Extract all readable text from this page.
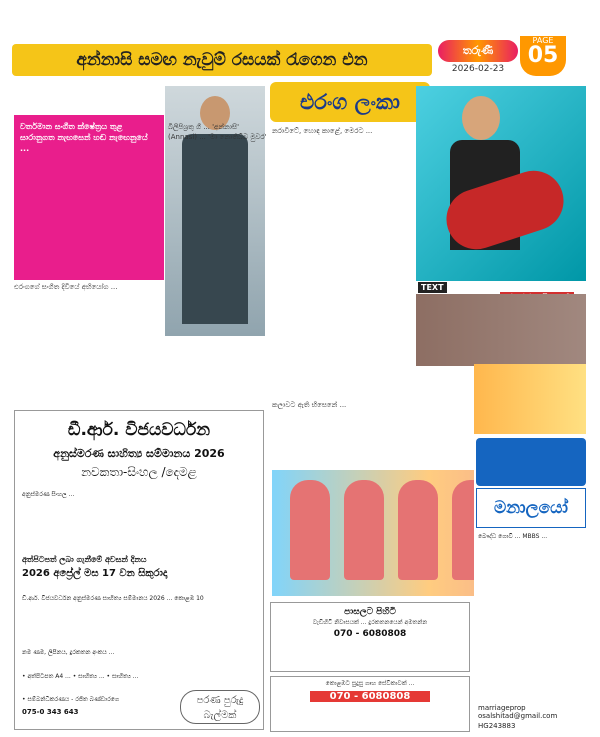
අන්නාසි සමඟ නැවුම් රසයක් රැගෙන එන	තරුණී
2026-02-23
PAGE
05
එරංග ලංකා
වර්තමාන සංගීත ක්ෂේත්‍රය තුළ සාරානුගත නැඟසෙන් හඬ නැඟෙනුයේ ...
එරංගගේ සංගීත දිවියේ අභියෝග ...
බිලිපිශ්‍රතු ගී ... 'අන්නාසි' (Annasi) ... 'මා නොතිබ්බ මුවර'
නරාවිටේ, හොඳ කාළේ, මෙරට ...
TEXT
කලාවට ඇති භිසෙනේ ...
ඩී.ආර්. විජයවර්ධන
අනුස්මරණ සාහිත්‍ය සම්මානය 2026
නවකතා-සිංහල /දෙමළ
අනුස්මරණ සිංහල ...
අත්පිටපත් ලබා ගැනීමේ අවසන් දිනය
2026 අප්‍රේල් මස 17 වන සිකුරාදා
ඩී.ආර්. විජයවර්ධන අනුස්මරණ සාහිත්‍ය සම්මානය 2026 ... කොළඹ 10
නම ණම, ලිපිනය, දුරකතන අංකය ...
• අත්පිටපත A4 ... • සාහිත්‍ය ... • සාහිත්‍ය ...
• සම්බන්ධීකරණය - රජිත බණ්ඩාරගෙ
075-0 343 643
පරණ පුරුදු බැල්මක්
පාසලට පිහිටි
වැඩිහිටි නිවාසයක් ... දුරකතනයෙන් අමතන්න
070 - 6080808
කොළඹට සුදුසු ගෘහ සේවිකාවක් ...
070 - 6080808
මනාලයෝ
බෞද්ධ ගොවි ... MBBS ...
marriageprop osalshitad@gmail.com
HG243883
